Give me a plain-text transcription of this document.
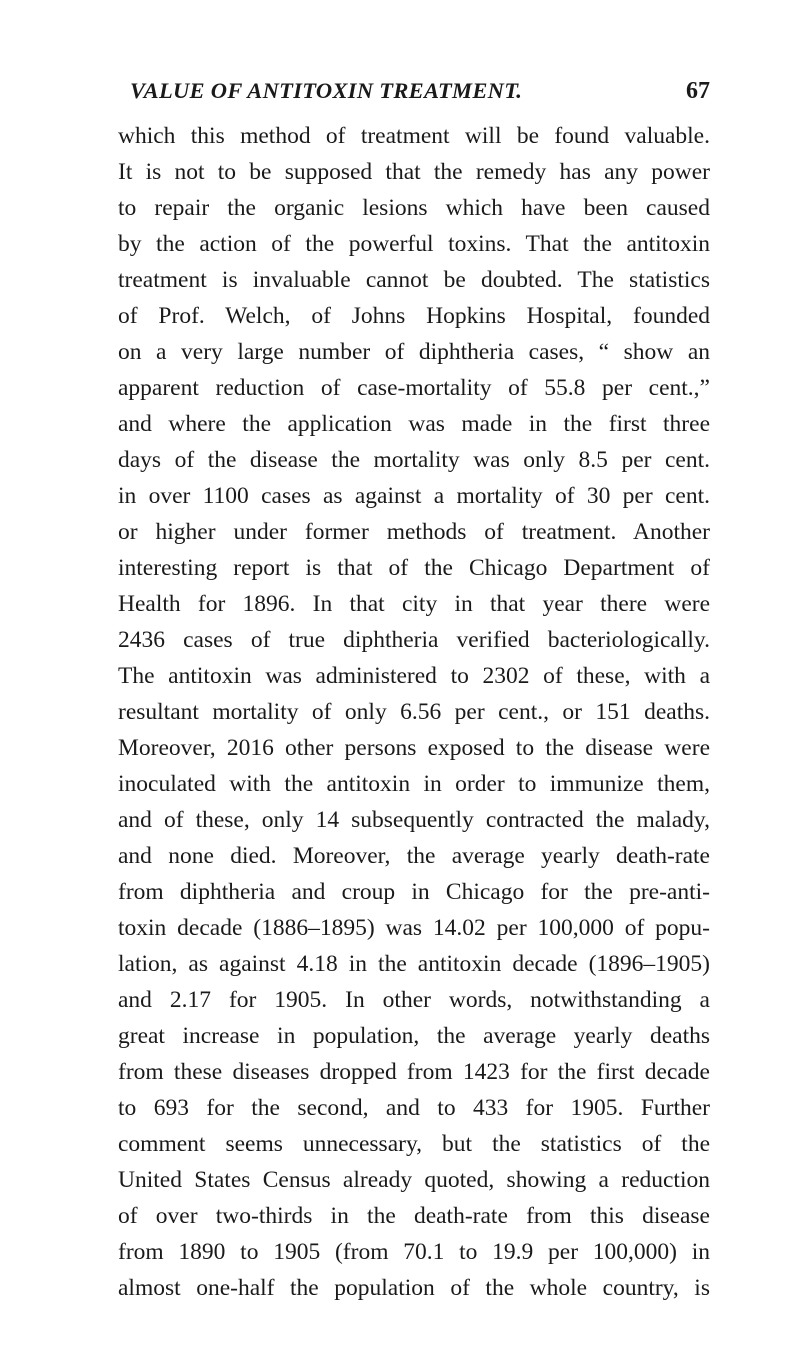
VALUE OF ANTITOXIN TREATMENT.	67
which this method of treatment will be found valuable.
It is not to be supposed that the remedy has any power
to repair the organic lesions which have been caused
by the action of the powerful toxins. That the antitoxin
treatment is invaluable cannot be doubted. The statistics
of Prof. Welch, of Johns Hopkins Hospital, founded
on a very large number of diphtheria cases, “ show an
apparent reduction of case-mortality of 55.8 per cent.,”
and where the application was made in the first three
days of the disease the mortality was only 8.5 per cent.
in over 1100 cases as against a mortality of 30 per cent.
or higher under former methods of treatment. Another
interesting report is that of the Chicago Department of
Health for 1896. In that city in that year there were
2436 cases of true diphtheria verified bacteriologically.
The antitoxin was administered to 2302 of these, with a
resultant mortality of only 6.56 per cent., or 151 deaths.
Moreover, 2016 other persons exposed to the disease were
inoculated with the antitoxin in order to immunize them,
and of these, only 14 subsequently contracted the malady,
and none died. Moreover, the average yearly death-rate
from diphtheria and croup in Chicago for the pre-anti-
toxin decade (1886–1895) was 14.02 per 100,000 of popu-
lation, as against 4.18 in the antitoxin decade (1896–1905)
and 2.17 for 1905. In other words, notwithstanding a
great increase in population, the average yearly deaths
from these diseases dropped from 1423 for the first decade
to 693 for the second, and to 433 for 1905. Further
comment seems unnecessary, but the statistics of the
United States Census already quoted, showing a reduction
of over two-thirds in the death-rate from this disease
from 1890 to 1905 (from 70.1 to 19.9 per 100,000) in
almost one-half the population of the whole country, is
